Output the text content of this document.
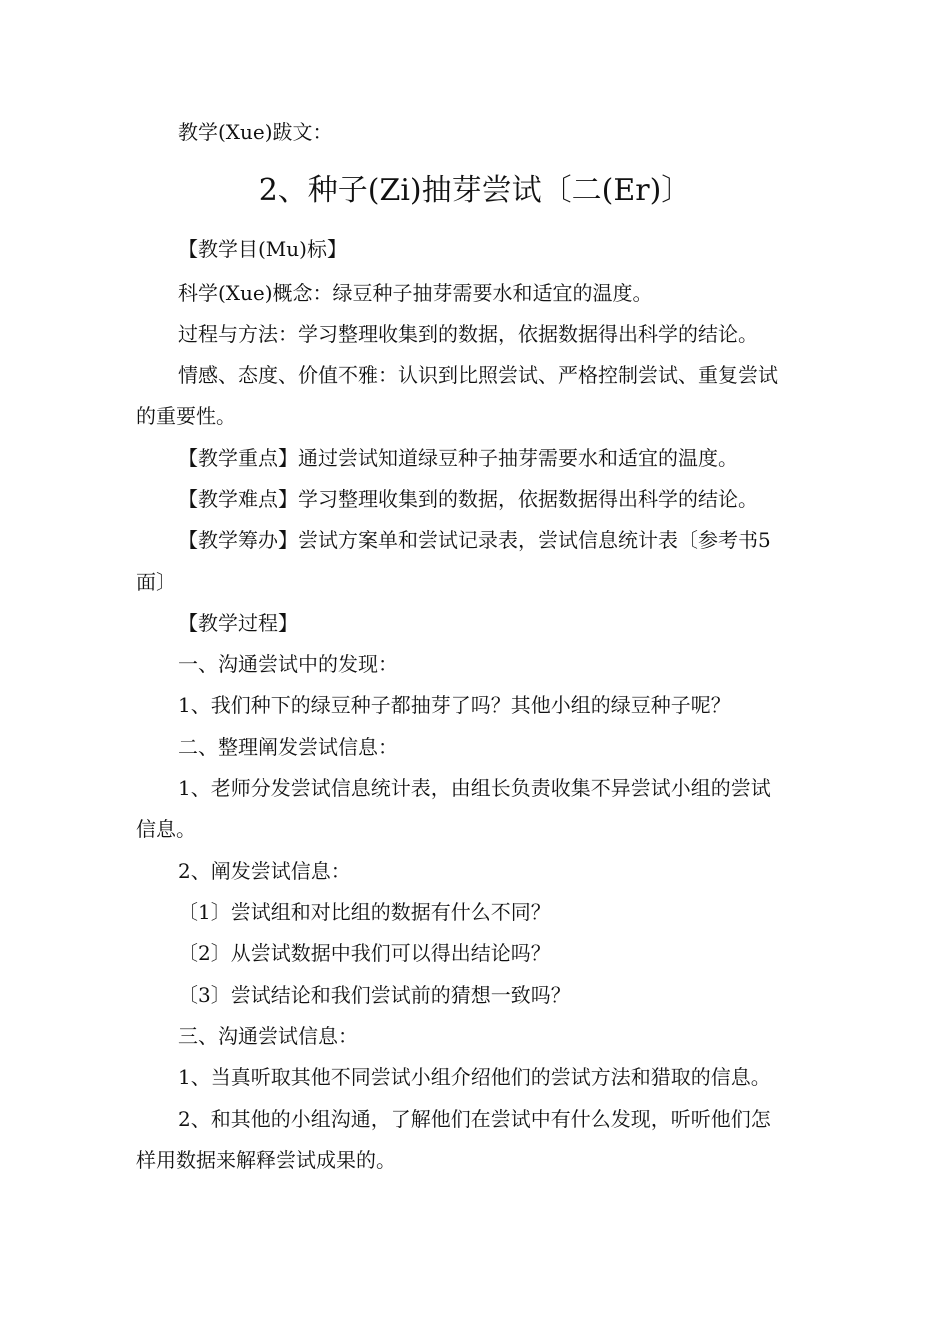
教学(Xue)跋文：
2、种子(Zi)抽芽尝试〔二(Er)〕
【教学目(Mu)标】
科学(Xue)概念：绿豆种子抽芽需要水和适宜的温度。
过程与方法：学习整理收集到的数据，依据数据得出科学的结论。
情感、态度、价值不雅：认识到比照尝试、严格控制尝试、重复尝试
的重要性。
【教学重点】通过尝试知道绿豆种子抽芽需要水和适宜的温度。
【教学难点】学习整理收集到的数据，依据数据得出科学的结论。
【教学筹办】尝试方案单和尝试记录表，尝试信息统计表〔参考书5
面〕
【教学过程】
一、沟通尝试中的发现：
1、我们种下的绿豆种子都抽芽了吗？其他小组的绿豆种子呢？
二、整理阐发尝试信息：
1、老师分发尝试信息统计表，由组长负责收集不异尝试小组的尝试
信息。
2、阐发尝试信息：
〔1〕尝试组和对比组的数据有什么不同？
〔2〕从尝试数据中我们可以得出结论吗？
〔3〕尝试结论和我们尝试前的猜想一致吗？
三、沟通尝试信息：
1、当真听取其他不同尝试小组介绍他们的尝试方法和猎取的信息。
2、和其他的小组沟通，了解他们在尝试中有什么发现，听听他们怎
样用数据来解释尝试成果的。
